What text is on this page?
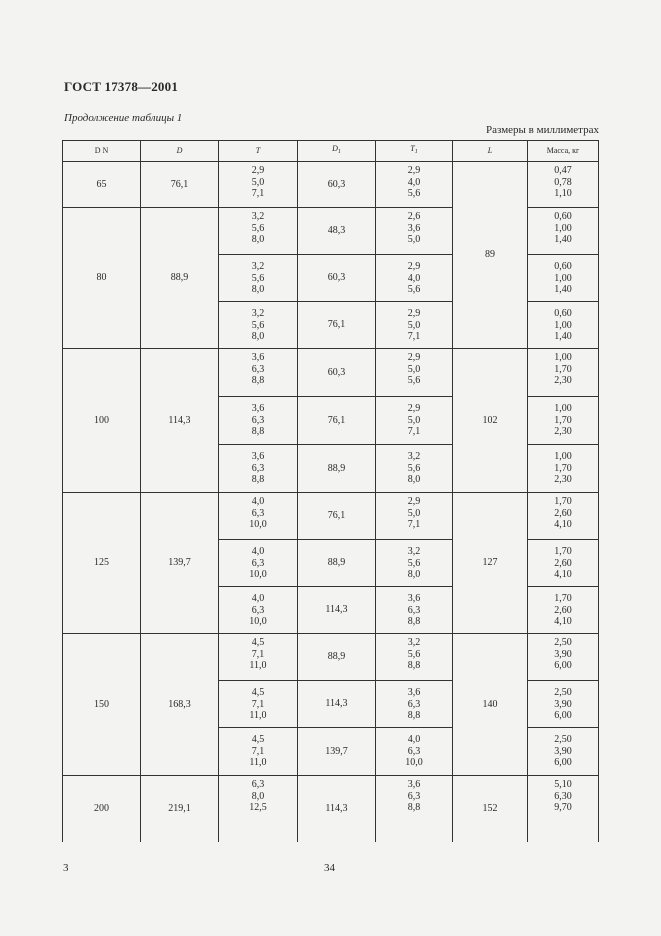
ГОСТ 17378—2001
Продолжение таблицы 1
Размеры в миллиметрах
D N	D	T	$D_1$	$T_1$	L	Масса, кг
65	76,1	2,9
5,0
7,1	60,3	2,9
4,0
5,6	89	0,47
0,78
1,10

80	88,9	3,2
5,6
8,0	48,3	2,6
3,6
5,0		0,60
1,00
1,40

		3,2
5,6
8,0	60,3	2,9
4,0
5,6		0,60
1,00
1,40

		3,2
5,6
8,0	76,1	2,9
5,0
7,1		0,60
1,00
1,40

100	114,3	3,6
6,3
8,8	60,3	2,9
5,0
5,6	102	1,00
1,70
2,30

		3,6
6,3
8,8	76,1	2,9
5,0
7,1		1,00
1,70
2,30

		3,6
6,3
8,8	88,9	3,2
5,6
8,0		1,00
1,70
2,30

125	139,7	4,0
6,3
10,0	76,1	2,9
5,0
7,1	127	1,70
2,60
4,10

		4,0
6,3
10,0	88,9	3,2
5,6
8,0		1,70
2,60
4,10

		4,0
6,3
10,0	114,3	3,6
6,3
8,8		1,70
2,60
4,10

150	168,3	4,5
7,1
11,0	88,9	3,2
5,6
8,8	140	2,50
3,90
6,00

		4,5
7,1
11,0	114,3	3,6
6,3
8,8		2,50
3,90
6,00

		4,5
7,1
11,0	139,7	4,0
6,3
10,0		2,50
3,90
6,00

200	219,1	6,3
8,0
12,5	114,3	3,6
6,3
8,8	152	5,10
6,30
9,70
3	34
